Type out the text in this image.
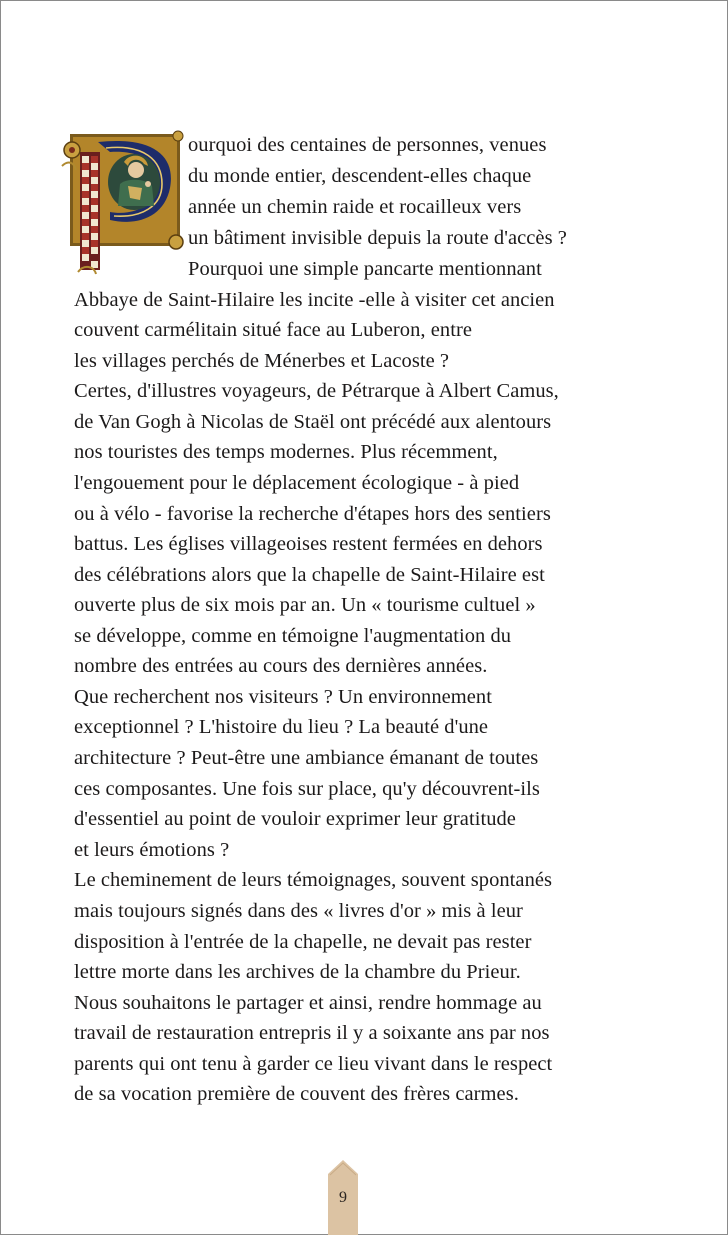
ourquoi des centaines de personnes, venues
du monde entier, descendent-elles chaque
année un chemin raide et rocailleux vers
un bâtiment invisible depuis la route d'accès ?
Pourquoi une simple pancarte mentionnant
Abbaye de Saint-Hilaire les incite -elle à visiter cet ancien
couvent carmélitain situé face au Luberon, entre
les villages perchés de Ménerbes et Lacoste ?
Certes, d'illustres voyageurs, de Pétrarque à Albert Camus,
de Van Gogh à Nicolas de Staël ont précédé aux alentours
nos touristes des temps modernes. Plus récemment,
l'engouement pour le déplacement écologique - à pied
ou à vélo - favorise la recherche d'étapes hors des sentiers
battus. Les églises villageoises restent fermées en dehors
des célébrations alors que la chapelle de Saint-Hilaire est
ouverte plus de six mois par an. Un « tourisme cultuel »
se développe, comme en témoigne l'augmentation du
nombre des entrées au cours des dernières années.
Que recherchent nos visiteurs ? Un environnement
exceptionnel ? L'histoire du lieu ? La beauté d'une
architecture ? Peut-être une ambiance émanant de toutes
ces composantes. Une fois sur place, qu'y découvrent-ils
d'essentiel au point de vouloir exprimer leur gratitude
et leurs émotions ?
Le cheminement de leurs témoignages, souvent spontanés
mais toujours signés dans des « livres d'or » mis à leur
disposition à l'entrée de la chapelle, ne devait pas rester
lettre morte dans les archives de la chambre du Prieur.
Nous souhaitons le partager et ainsi, rendre hommage au
travail de restauration entrepris il y a soixante ans par nos
parents qui ont tenu à garder ce lieu vivant dans le respect
de sa vocation première de couvent des frères carmes.
9
